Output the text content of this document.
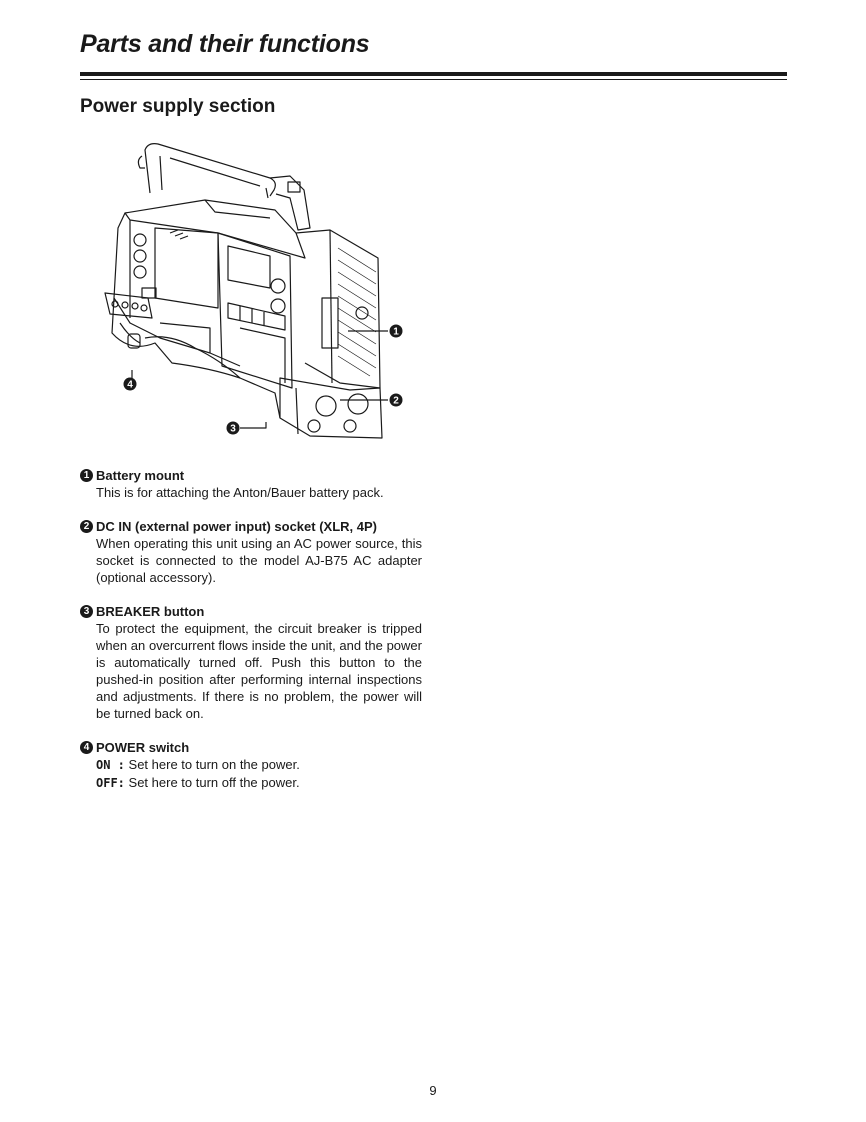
Parts and their functions
Power supply section
1
2
3
4
1 Battery mount
This is for attaching the Anton/Bauer battery pack.
2 DC IN (external power input) socket (XLR, 4P)
When operating this unit using an AC power source, this socket is connected to the model AJ-B75 AC adapter (optional accessory).
3 BREAKER button
To protect the equipment, the circuit breaker is tripped when an overcurrent flows inside the unit, and the power is automatically turned off. Push this button to the pushed-in position after performing internal inspections and adjustments. If there is no problem, the power will be turned back on.
4 POWER switch
ON : Set here to turn on the power.
OFF: Set here to turn off the power.
9
